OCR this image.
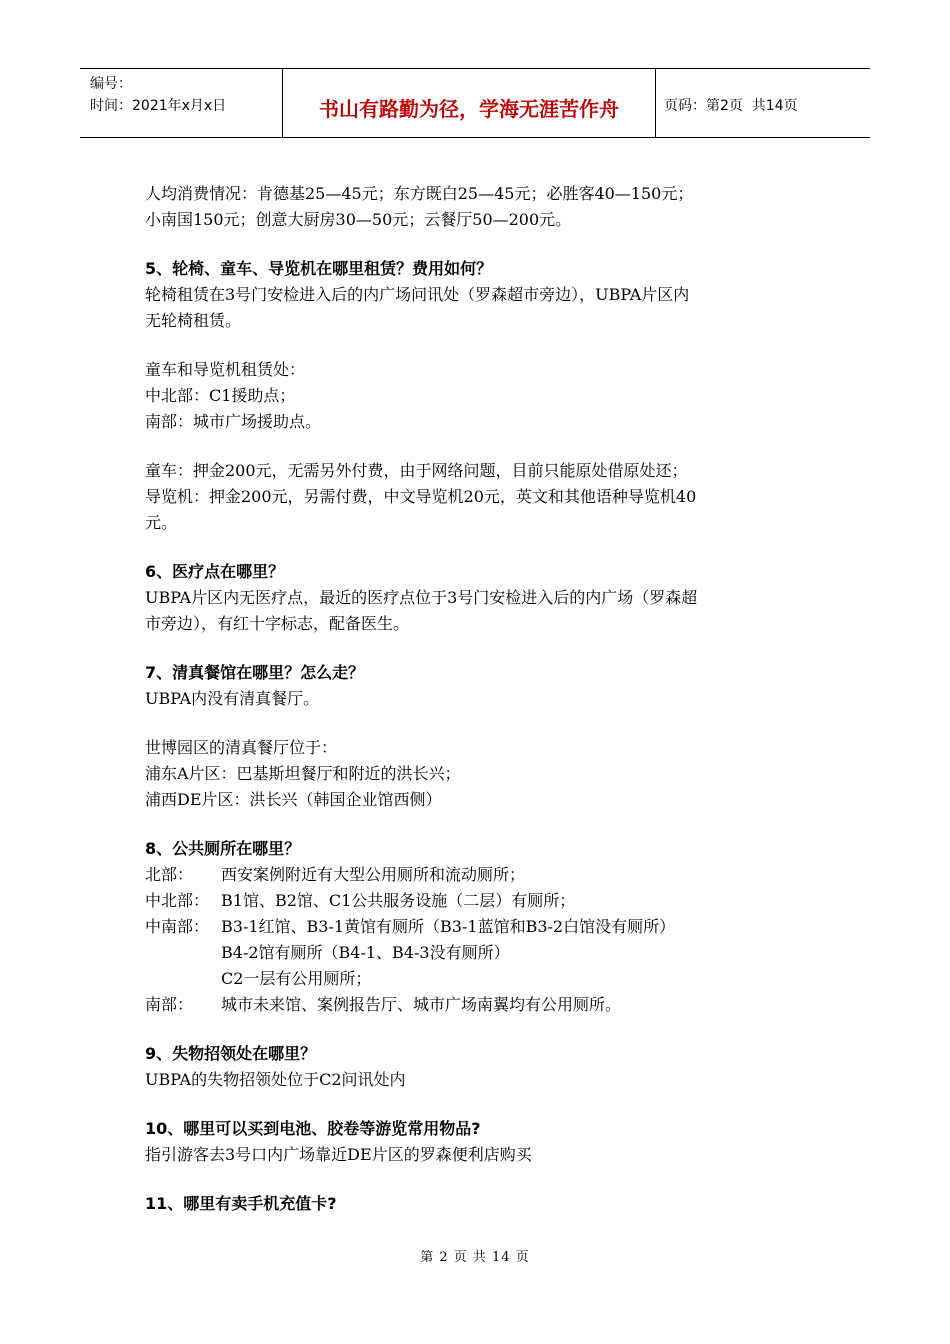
编号：
时间：2021年x月x日	书山有路勤为径，学海无涯苦作舟	页码：第2页  共14页
人均消费情况：肯德基25—45元；东方既白25—45元；必胜客40—150元；
小南国150元；创意大厨房30—50元；云餐厅50—200元。
5、轮椅、童车、导览机在哪里租赁？费用如何？
轮椅租赁在3号门安检进入后的内广场问讯处（罗森超市旁边），UBPA片区内
无轮椅租赁。
童车和导览机租赁处：
中北部：C1援助点；
南部：城市广场援助点。
童车：押金200元，无需另外付费，由于网络问题，目前只能原处借原处还；
导览机：押金200元，另需付费，中文导览机20元，英文和其他语种导览机40
元。
6、医疗点在哪里？
UBPA片区内无医疗点，最近的医疗点位于3号门安检进入后的内广场（罗森超
市旁边），有红十字标志，配备医生。
7、清真餐馆在哪里？怎么走？
UBPA内没有清真餐厅。
世博园区的清真餐厅位于：
浦东A片区：巴基斯坦餐厅和附近的洪长兴；
浦西DE片区：洪长兴（韩国企业馆西侧）
8、公共厕所在哪里？
北部：	西安案例附近有大型公用厕所和流动厕所；
中北部： B1馆、B2馆、C1公共服务设施（二层）有厕所；
中南部： B3-1红馆、B3-1黄馆有厕所（B3-1蓝馆和B3-2白馆没有厕所）
B4-2馆有厕所（B4-1、B4-3没有厕所）
C2一层有公用厕所；
南部：	城市未来馆、案例报告厅、城市广场南翼均有公用厕所。
9、失物招领处在哪里？
UBPA的失物招领处位于C2问讯处内
10、哪里可以买到电池、胶卷等游览常用物品?
指引游客去3号口内广场靠近DE片区的罗森便利店购买
11、哪里有卖手机充值卡?
第 2 页 共 14 页
